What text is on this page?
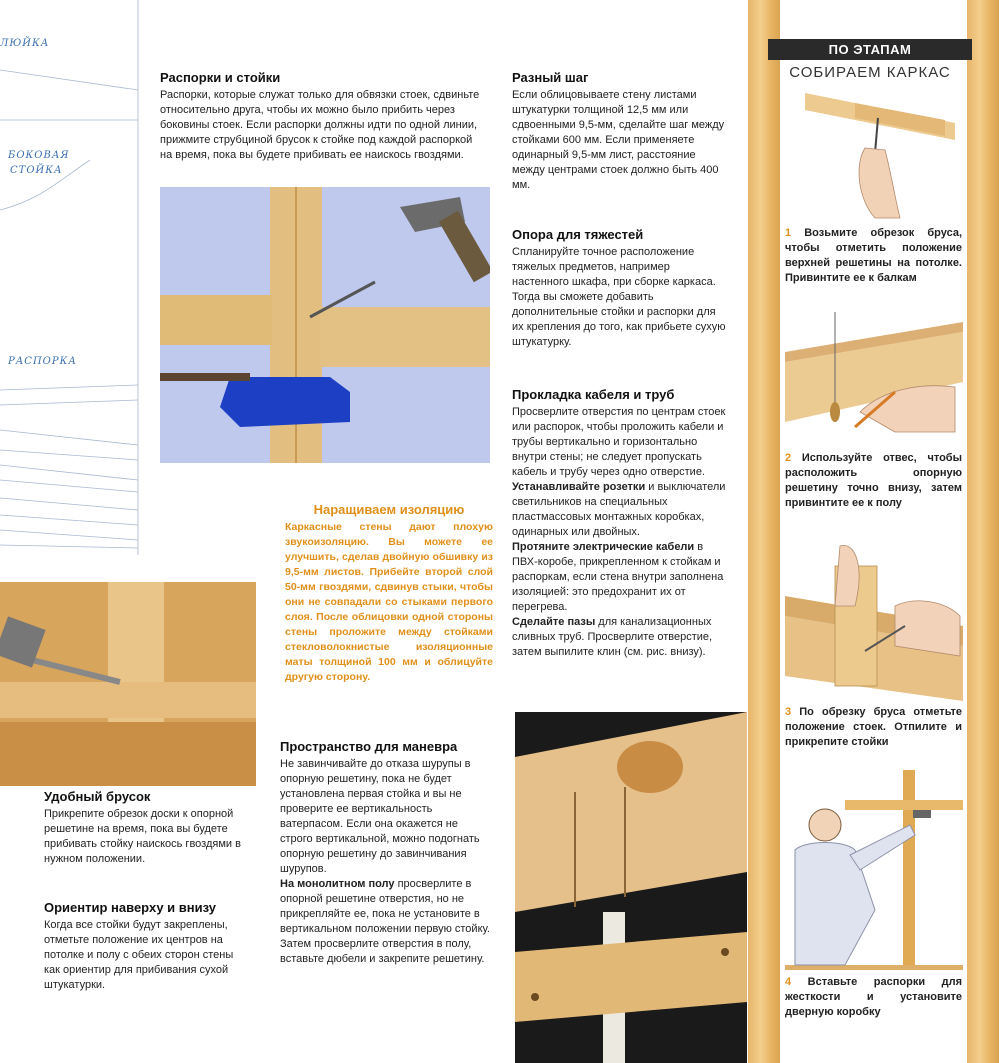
ЛЮЙКА
БОКОВАЯ
СТОЙКА
РАСПОРКА
Распорки и стойки

Распорки, которые служат только для обвязки стоек, сдвиньте относительно друга, чтобы их можно было прибить через боковины стоек. Если распорки должны идти по одной линии, прижмите струбциной брусок к стойке под каждой распоркой на время, пока вы будете прибивать ее наискось гвоздями.

Разный шаг

Если облицовываете стену листами штукатурки толщиной 12,5 мм или сдвоенными 9,5-мм, сделайте шаг между стойками 600 мм. Если применяете одинарный 9,5-мм лист, расстояние между центрами стоек должно быть 400 мм.

Опора для тяжестей

Спланируйте точное расположение тяжелых предметов, например настенного шкафа, при сборке каркаса. Тогда вы сможете добавить дополнительные стойки и распорки для их крепления до того, как прибьете сухую штукатурку.

Прокладка кабеля и труб

Просверлите отверстия по центрам стоек или распорок, чтобы проложить кабели и трубы вертикально и горизонтально внутри стены; не следует пропускать кабель и трубу через одно отверстие.
Устанавливайте розетки и выключатели светильников на специальных пластмассовых монтажных коробках, одинарных или двойных.
Протяните электрические кабели в ПВХ-коробе, прикрепленном к стойкам и распоркам, если стена внутри заполнена изоляцией: это предохранит их от перегрева.
Сделайте пазы для канализационных сливных труб. Просверлите отверстие, затем выпилите клин (см. рис. внизу).

Наращиваем изоляцию

Каркасные стены дают плохую звукоизоляцию. Вы можете ее улучшить, сделав двойную обшивку из 9,5-мм листов. Прибейте второй слой 50-мм гвоздями, сдвинув стыки, чтобы они не совпадали со стыками первого слоя. После облицовки одной стороны стены проложите между стойками стекловолокнистые изоляционные маты толщиной 100 мм и облицуйте другую сторону.

Удобный брусок

Прикрепите обрезок доски к опорной решетине на время, пока вы будете прибивать стойку наискось гвоздями в нужном положении.

Ориентир наверху и внизу

Когда все стойки будут закреплены, отметьте положение их центров на потолке и полу с обеих сторон стены как ориентир для прибивания сухой штукатурки.

Пространство для маневра

Не завинчивайте до отказа шурупы в опорную решетину, пока не будет установлена первая стойка и вы не проверите ее вертикальность ватерпасом. Если она окажется не строго вертикальной, можно подогнать опорную решетину до завинчивания шурупов.
На монолитном полу просверлите в опорной решетине отверстия, но не прикрепляйте ее, пока не установите в вертикальном положении первую стойку. Затем просверлите отверстия в полу, вставьте дюбели и закрепите решетину.

ПО ЭТАПАМ
СОБИРАЕМ КАРКАС
1 Возьмите обрезок бруса, чтобы отметить положение верхней решетины на потолке. Привинтите ее к балкам
2 Используйте отвес, чтобы расположить опорную решетину точно внизу, затем привинтите ее к полу
3 По обрезку бруса отметьте положение стоек. Отпилите и прикрепите стойки
4 Вставьте распорки для жесткости и установите дверную коробку
